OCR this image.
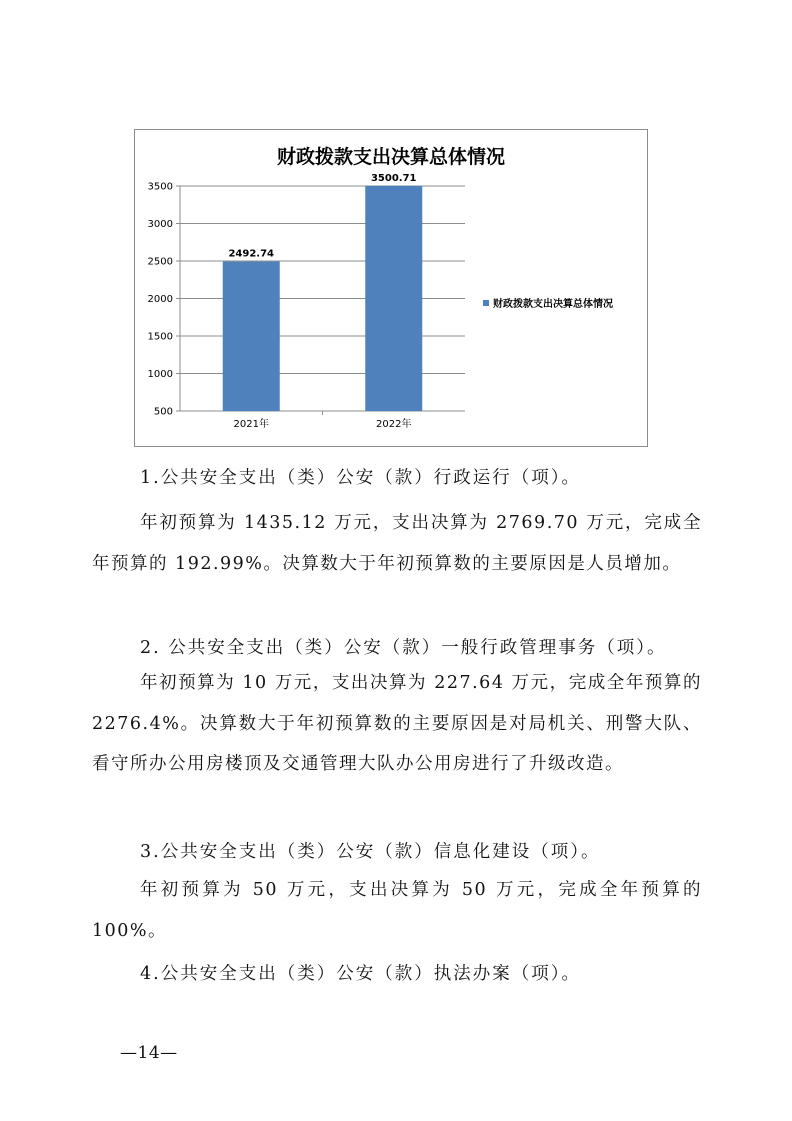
财政拨款支出决算总体情况
500
1000
1500
2000
2500
3000
3500
2492.74
2021年
3500.71
2022年
财政拨款支出决算总体情况

1.公共安全支出（类）公安（款）行政运行（项）。

年初预算为 1435.12 万元，支出决算为 2769.70 万元，完成全年预算的 192.99%。决算数大于年初预算数的主要原因是人员增加。

2. 公共安全支出（类）公安（款）一般行政管理事务（项）。

年初预算为 10 万元，支出决算为 227.64 万元，完成全年预算的 2276.4%。决算数大于年初预算数的主要原因是对局机关、刑警大队、看守所办公用房楼顶及交通管理大队办公用房进行了升级改造。

3.公共安全支出（类）公安（款）信息化建设（项）。

年初预算为 50 万元，支出决算为 50 万元，完成全年预算的 100%。

4.公共安全支出（类）公安（款）执法办案（项）。

—14—
